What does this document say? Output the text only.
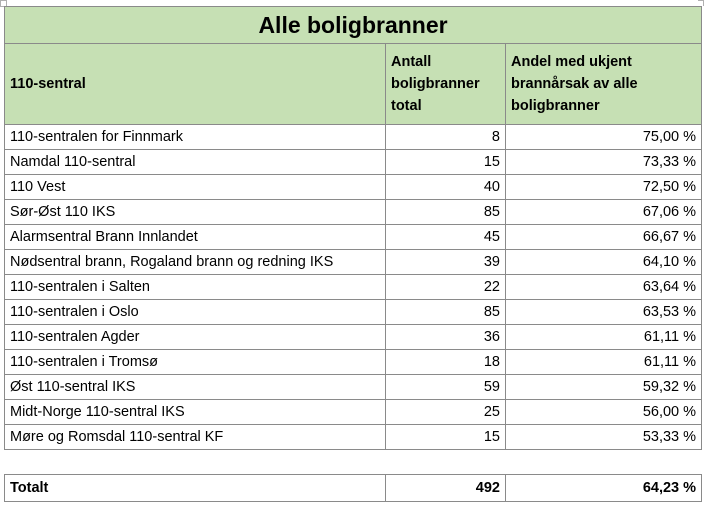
Alle boligbranner		
110-sentral	Antall boligbranner total	Andel med ukjent brannårsak av alle boligbranner
110-sentralen for Finnmark	8	75,00 %
Namdal 110-sentral	15	73,33 %
110 Vest	40	72,50 %
Sør-Øst 110 IKS	85	67,06 %
Alarmsentral Brann Innlandet	45	66,67 %
Nødsentral brann, Rogaland brann og redning IKS	39	64,10 %
110-sentralen i Salten	22	63,64 %
110-sentralen i Oslo	85	63,53 %
110-sentralen Agder	36	61,11 %
110-sentralen i Tromsø	18	61,11 %
Øst 110-sentral IKS	59	59,32 %
Midt-Norge 110-sentral IKS	25	56,00 %
Møre og Romsdal 110-sentral KF	15	53,33 %

Totalt	492	64,23 %
